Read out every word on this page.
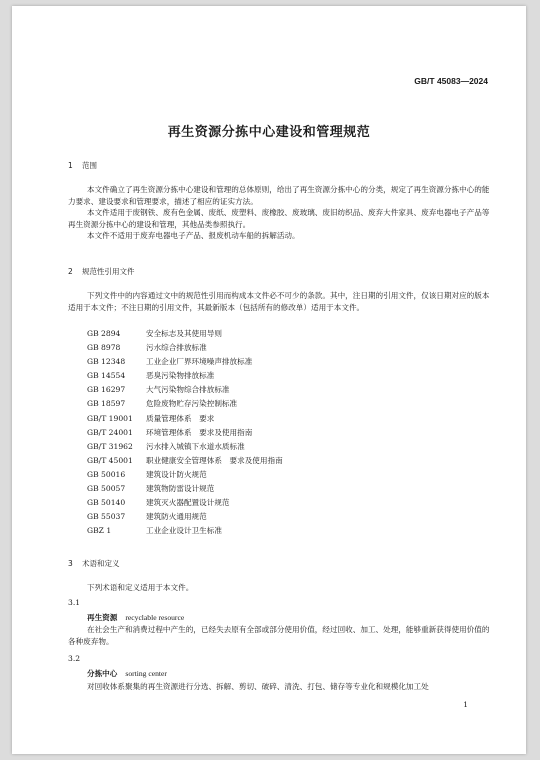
GB/T 45083—2024
再生资源分拣中心建设和管理规范
1 范围
本文件确立了再生资源分拣中心建设和管理的总体原则，给出了再生资源分拣中心的分类，规定了再生资源分拣中心的能力要求、建设要求和管理要求，描述了相应的证实方法。
本文件适用于废钢铁、废有色金属、废纸、废塑料、废橡胶、废玻璃、废旧纺织品、废弃大件家具、废弃电器电子产品等再生资源分拣中心的建设和管理，其他品类参照执行。
本文件不适用于废弃电器电子产品、报废机动车船的拆解活动。
2 规范性引用文件
下列文件中的内容通过文中的规范性引用而构成本文件必不可少的条款。其中，注日期的引用文件，仅该日期对应的版本适用于本文件；不注日期的引用文件，其最新版本（包括所有的修改单）适用于本文件。
GB 2894	安全标志及其使用导则
GB 8978	污水综合排放标准
GB 12348	工业企业厂界环境噪声排放标准
GB 14554	恶臭污染物排放标准
GB 16297	大气污染物综合排放标准
GB 18597	危险废物贮存污染控制标准
GB/T 19001 质量管理体系　要求
GB/T 24001 环境管理体系　要求及使用指南
GB/T 31962 污水排入城镇下水道水质标准
GB/T 45001 职业健康安全管理体系　要求及使用指南
GB 50016	建筑设计防火规范
GB 50057	建筑物防雷设计规范
GB 50140	建筑灭火器配置设计规范
GB 55037	建筑防火通用规范
GBZ 1	工业企业设计卫生标准
3 术语和定义
下列术语和定义适用于本文件。
3.1
再生资源 recyclable resource
在社会生产和消费过程中产生的，已经失去原有全部或部分使用价值，经过回收、加工、处理，能够重新获得使用价值的各种废弃物。
3.2
分拣中心 sorting center
对回收体系聚集的再生资源进行分选、拆解、剪切、破碎、清洗、打包、储存等专业化和规模化加工处
1
